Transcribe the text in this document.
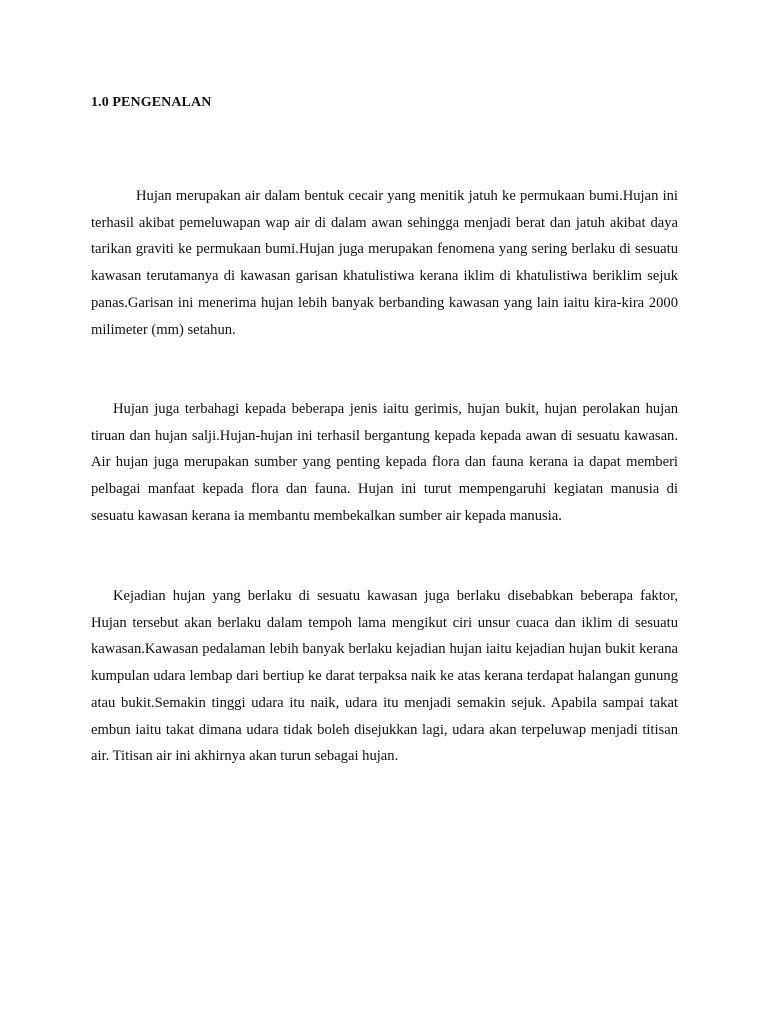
1.0 PENGENALAN

Hujan merupakan air dalam bentuk cecair yang menitik jatuh ke permukaan bumi.Hujan ini terhasil akibat pemeluwapan wap air di dalam awan sehingga menjadi berat dan jatuh akibat daya tarikan graviti ke permukaan bumi.Hujan juga merupakan fenomena yang sering berlaku di sesuatu kawasan terutamanya di kawasan garisan khatulistiwa kerana iklim di khatulistiwa beriklim sejuk panas.Garisan ini menerima hujan lebih banyak berbanding kawasan yang lain iaitu kira-kira 2000 milimeter (mm) setahun.

Hujan juga terbahagi kepada beberapa jenis iaitu gerimis, hujan bukit, hujan perolakan hujan tiruan dan hujan salji.Hujan-hujan ini terhasil bergantung kepada kepada awan di sesuatu kawasan. Air hujan juga merupakan sumber yang penting kepada flora dan fauna kerana ia dapat memberi pelbagai manfaat kepada flora dan fauna. Hujan ini turut mempengaruhi kegiatan manusia di sesuatu kawasan kerana ia membantu membekalkan sumber air kepada manusia.

Kejadian hujan yang berlaku di sesuatu kawasan juga berlaku disebabkan beberapa faktor, Hujan tersebut akan berlaku dalam tempoh lama mengikut ciri unsur cuaca dan iklim di sesuatu kawasan.Kawasan pedalaman lebih banyak berlaku kejadian hujan iaitu kejadian hujan bukit kerana kumpulan udara lembap dari bertiup ke darat terpaksa naik ke atas kerana terdapat halangan gunung atau bukit.Semakin tinggi udara itu naik, udara itu menjadi semakin sejuk. Apabila sampai takat embun iaitu takat dimana udara tidak boleh disejukkan lagi, udara akan terpeluwap menjadi titisan air. Titisan air ini akhirnya akan turun sebagai hujan.
